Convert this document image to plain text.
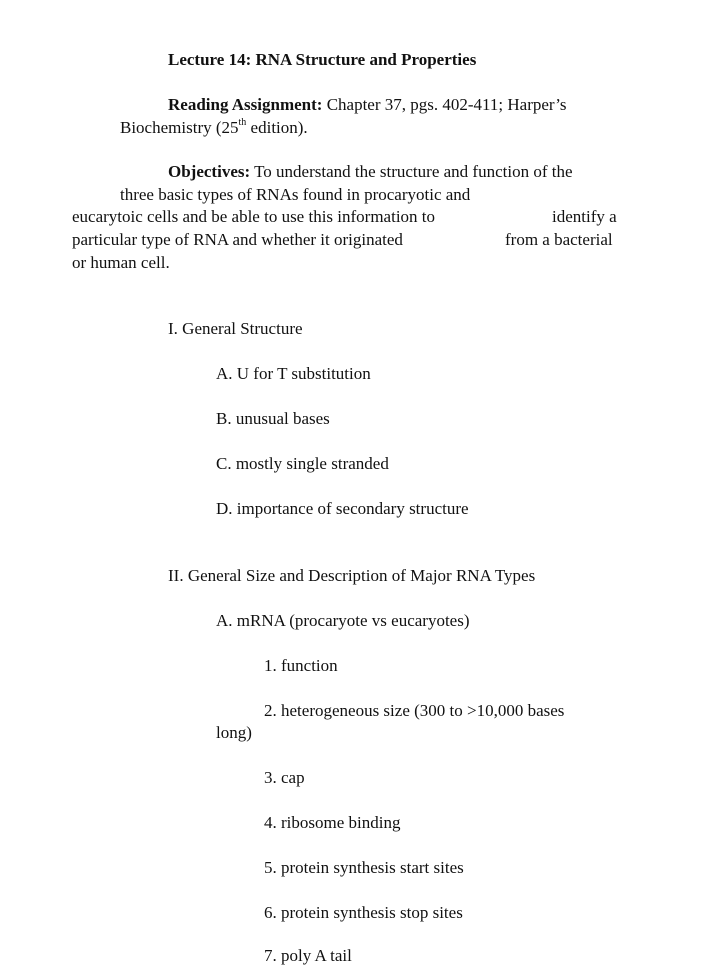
Lecture 14: RNA Structure and Properties
Reading Assignment: Chapter 37, pgs. 402-411; Harper’s
Biochemistry (25th edition).
Objectives: To understand the structure and function of the
three basic types of RNAs found in procaryotic and
eucarytoic cells and be able to use this information to	identify a
particular type of RNA and whether it originated	from a bacterial
or human cell.
I. General Structure
A. U for T substitution
B. unusual bases
C. mostly single stranded
D. importance of secondary structure
II. General Size and Description of Major RNA Types
A. mRNA (procaryote vs eucaryotes)
1. function
2. heterogeneous size (300 to >10,000 bases
long)
3. cap
4. ribosome binding
5. protein synthesis start sites
6. protein synthesis stop sites
7. poly A tail
